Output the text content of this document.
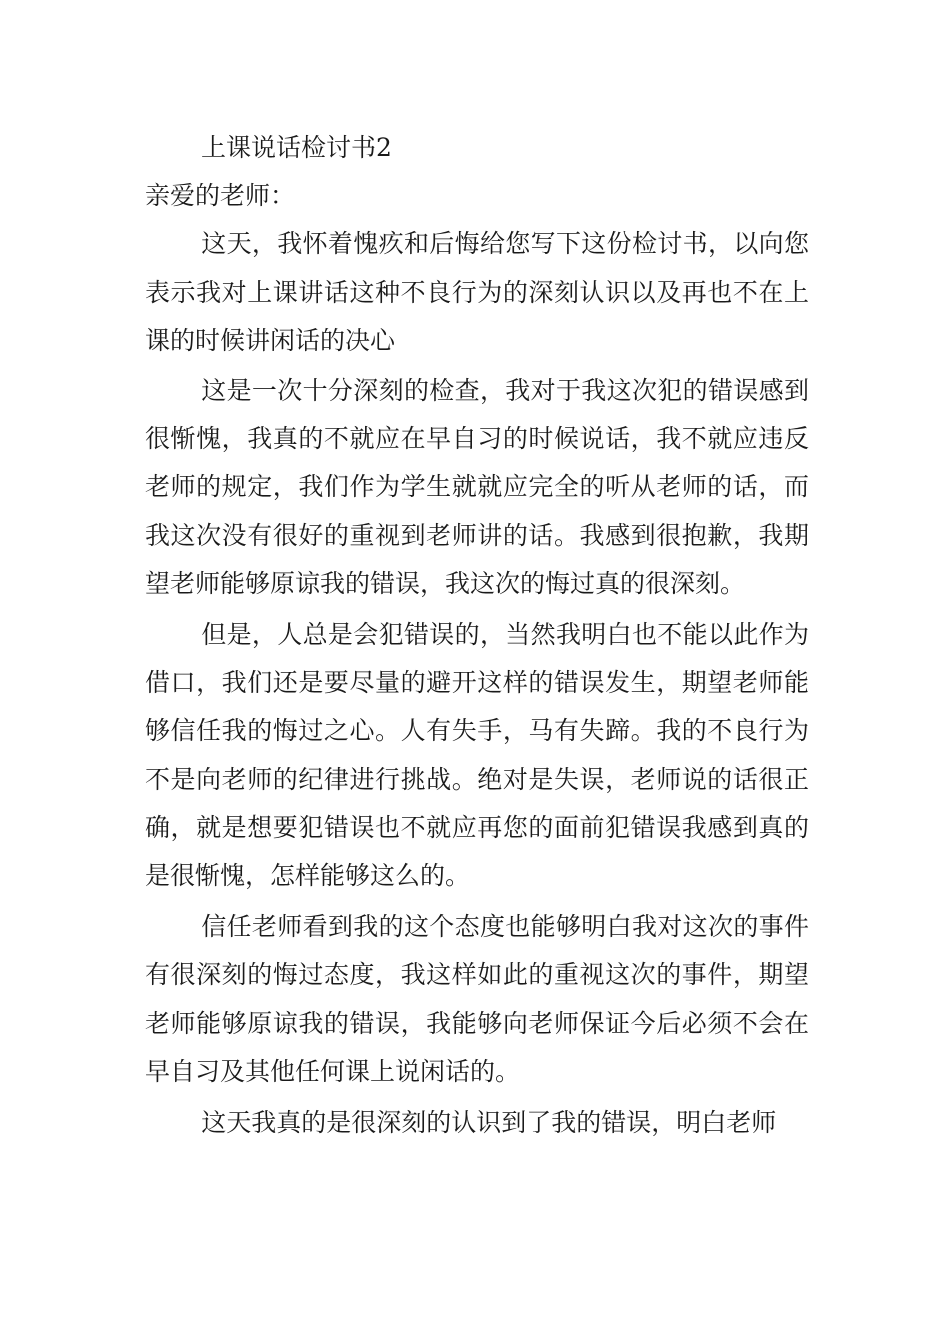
上课说话检讨书2

亲爱的老师：

这天，我怀着愧疚和后悔给您写下这份检讨书，以向您表示我对上课讲话这种不良行为的深刻认识以及再也不在上课的时候讲闲话的决心

这是一次十分深刻的检查，我对于我这次犯的错误感到很惭愧，我真的不就应在早自习的时候说话，我不就应违反老师的规定，我们作为学生就就应完全的听从老师的话，而我这次没有很好的重视到老师讲的话。我感到很抱歉，我期望老师能够原谅我的错误，我这次的悔过真的很深刻。

但是，人总是会犯错误的，当然我明白也不能以此作为借口，我们还是要尽量的避开这样的错误发生，期望老师能够信任我的悔过之心。人有失手，马有失蹄。我的不良行为不是向老师的纪律进行挑战。绝对是失误，老师说的话很正确，就是想要犯错误也不就应再您的面前犯错误我感到真的是很惭愧，怎样能够这么的。

信任老师看到我的这个态度也能够明白我对这次的事件有很深刻的悔过态度，我这样如此的重视这次的事件，期望老师能够原谅我的错误，我能够向老师保证今后必须不会在早自习及其他任何课上说闲话的。

这天我真的是很深刻的认识到了我的错误，明白老师
